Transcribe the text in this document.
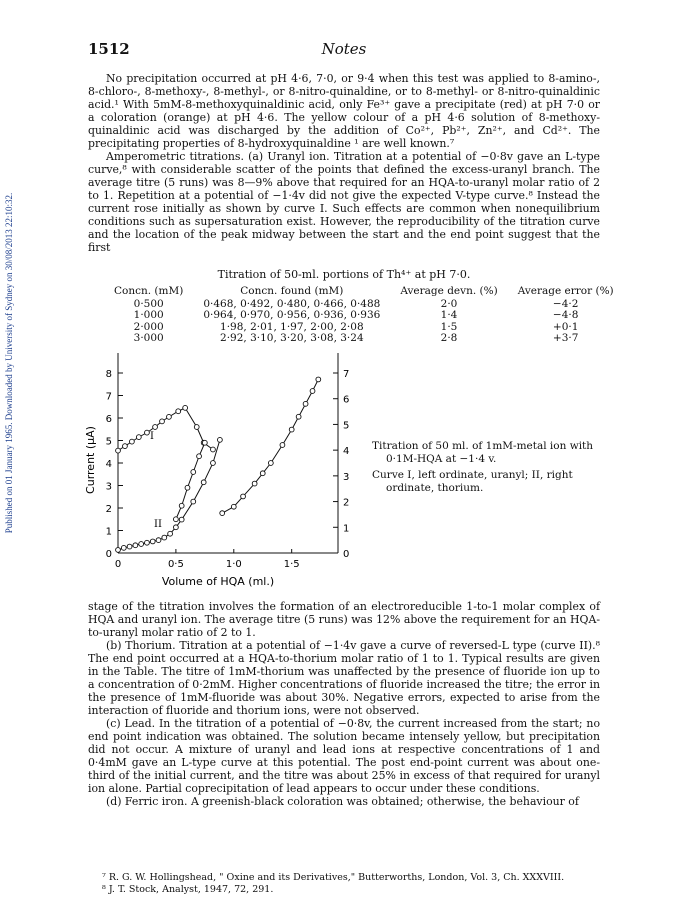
Published on 01 January 1965. Downloaded by University of Sydney on 30/08/2013 22:10:32.
1512	Notes

No precipitation occurred at pH 4·6, 7·0, or 9·4 when this test was applied to 8-amino-, 8-chloro-, 8-methoxy-, 8-methyl-, or 8-nitro-quinaldine, or to 8-methyl- or 8-nitro-quinaldinic acid.¹ With 5mM-8-methoxyquinaldinic acid, only Fe³⁺ gave a precipitate (red) at pH 7·0 or a coloration (orange) at pH 4·6. The yellow colour of a pH 4·6 solution of 8-methoxy-quinaldinic acid was discharged by the addition of Co²⁺, Pb²⁺, Zn²⁺, and Cd²⁺. The precipitating properties of 8-hydroxyquinaldine ¹ are well known.⁷

Amperometric titrations. (a) Uranyl ion. Titration at a potential of −0·8v gave an L-type curve,⁸ with considerable scatter of the points that defined the excess-uranyl branch. The average titre (5 runs) was 8—9% above that required for an HQA-to-uranyl molar ratio of 2 to 1. Repetition at a potential of −1·4v did not give the expected V-type curve.⁸ Instead the current rose initially as shown by curve I. Such effects are common when nonequilibrium conditions such as supersaturation exist. However, the reproducibility of the titration curve and the location of the peak midway between the start and the end point suggest that the first

Titration of 50-ml. portions of Th⁴⁺ at pH 7·0.
Concn. (mM)	Concn. found (mM)	Average devn. (%)	Average error (%)
0·500	0·468, 0·492, 0·480, 0·466, 0·488	2·0	−4·2
1·000	0·964, 0·970, 0·956, 0·936, 0·936	1·4	−4·8
2·000	1·98, 2·01, 1·97, 2·00, 2·08	1·5	+0·1
3·000	2·92, 3·10, 3·20, 3·08, 3·24	2·8	+3·7
0
1
2
3
4
5
6
7
8
0
1
2
3
4
5
6
7
0	0·5	1·0	1·5
Current (μA)
Volume of HQA (ml.)
I
II

Titration of 50 ml. of 1mM-metal ion with 0·1M-HQA at −1·4 v.

Curve I, left ordinate, uranyl; II, right ordinate, thorium.

stage of the titration involves the formation of an electroreducible 1-to-1 molar complex of HQA and uranyl ion. The average titre (5 runs) was 12% above the requirement for an HQA-to-uranyl molar ratio of 2 to 1.

(b) Thorium. Titration at a potential of −1·4v gave a curve of reversed-L type (curve II).⁸ The end point occurred at a HQA-to-thorium molar ratio of 1 to 1. Typical results are given in the Table. The titre of 1mM-thorium was unaffected by the presence of fluoride ion up to a concentration of 0·2mM. Higher concentrations of fluoride increased the titre; the error in the presence of 1mM-fluoride was about 30%. Negative errors, expected to arise from the interaction of fluoride and thorium ions, were not observed.

(c) Lead. In the titration of a potential of −0·8v, the current increased from the start; no end point indication was obtained. The solution became intensely yellow, but precipitation did not occur. A mixture of uranyl and lead ions at respective concentrations of 1 and 0·4mM gave an L-type curve at this potential. The post end-point current was about one-third of the initial current, and the titre was about 25% in excess of that required for uranyl ion alone. Partial coprecipitation of lead appears to occur under these conditions.

(d) Ferric iron. A greenish-black coloration was obtained; otherwise, the behaviour of

⁷ R. G. W. Hollingshead, " Oxine and its Derivatives," Butterworths, London, Vol. 3, Ch. XXXVIII.

⁸ J. T. Stock, Analyst, 1947, 72, 291.
